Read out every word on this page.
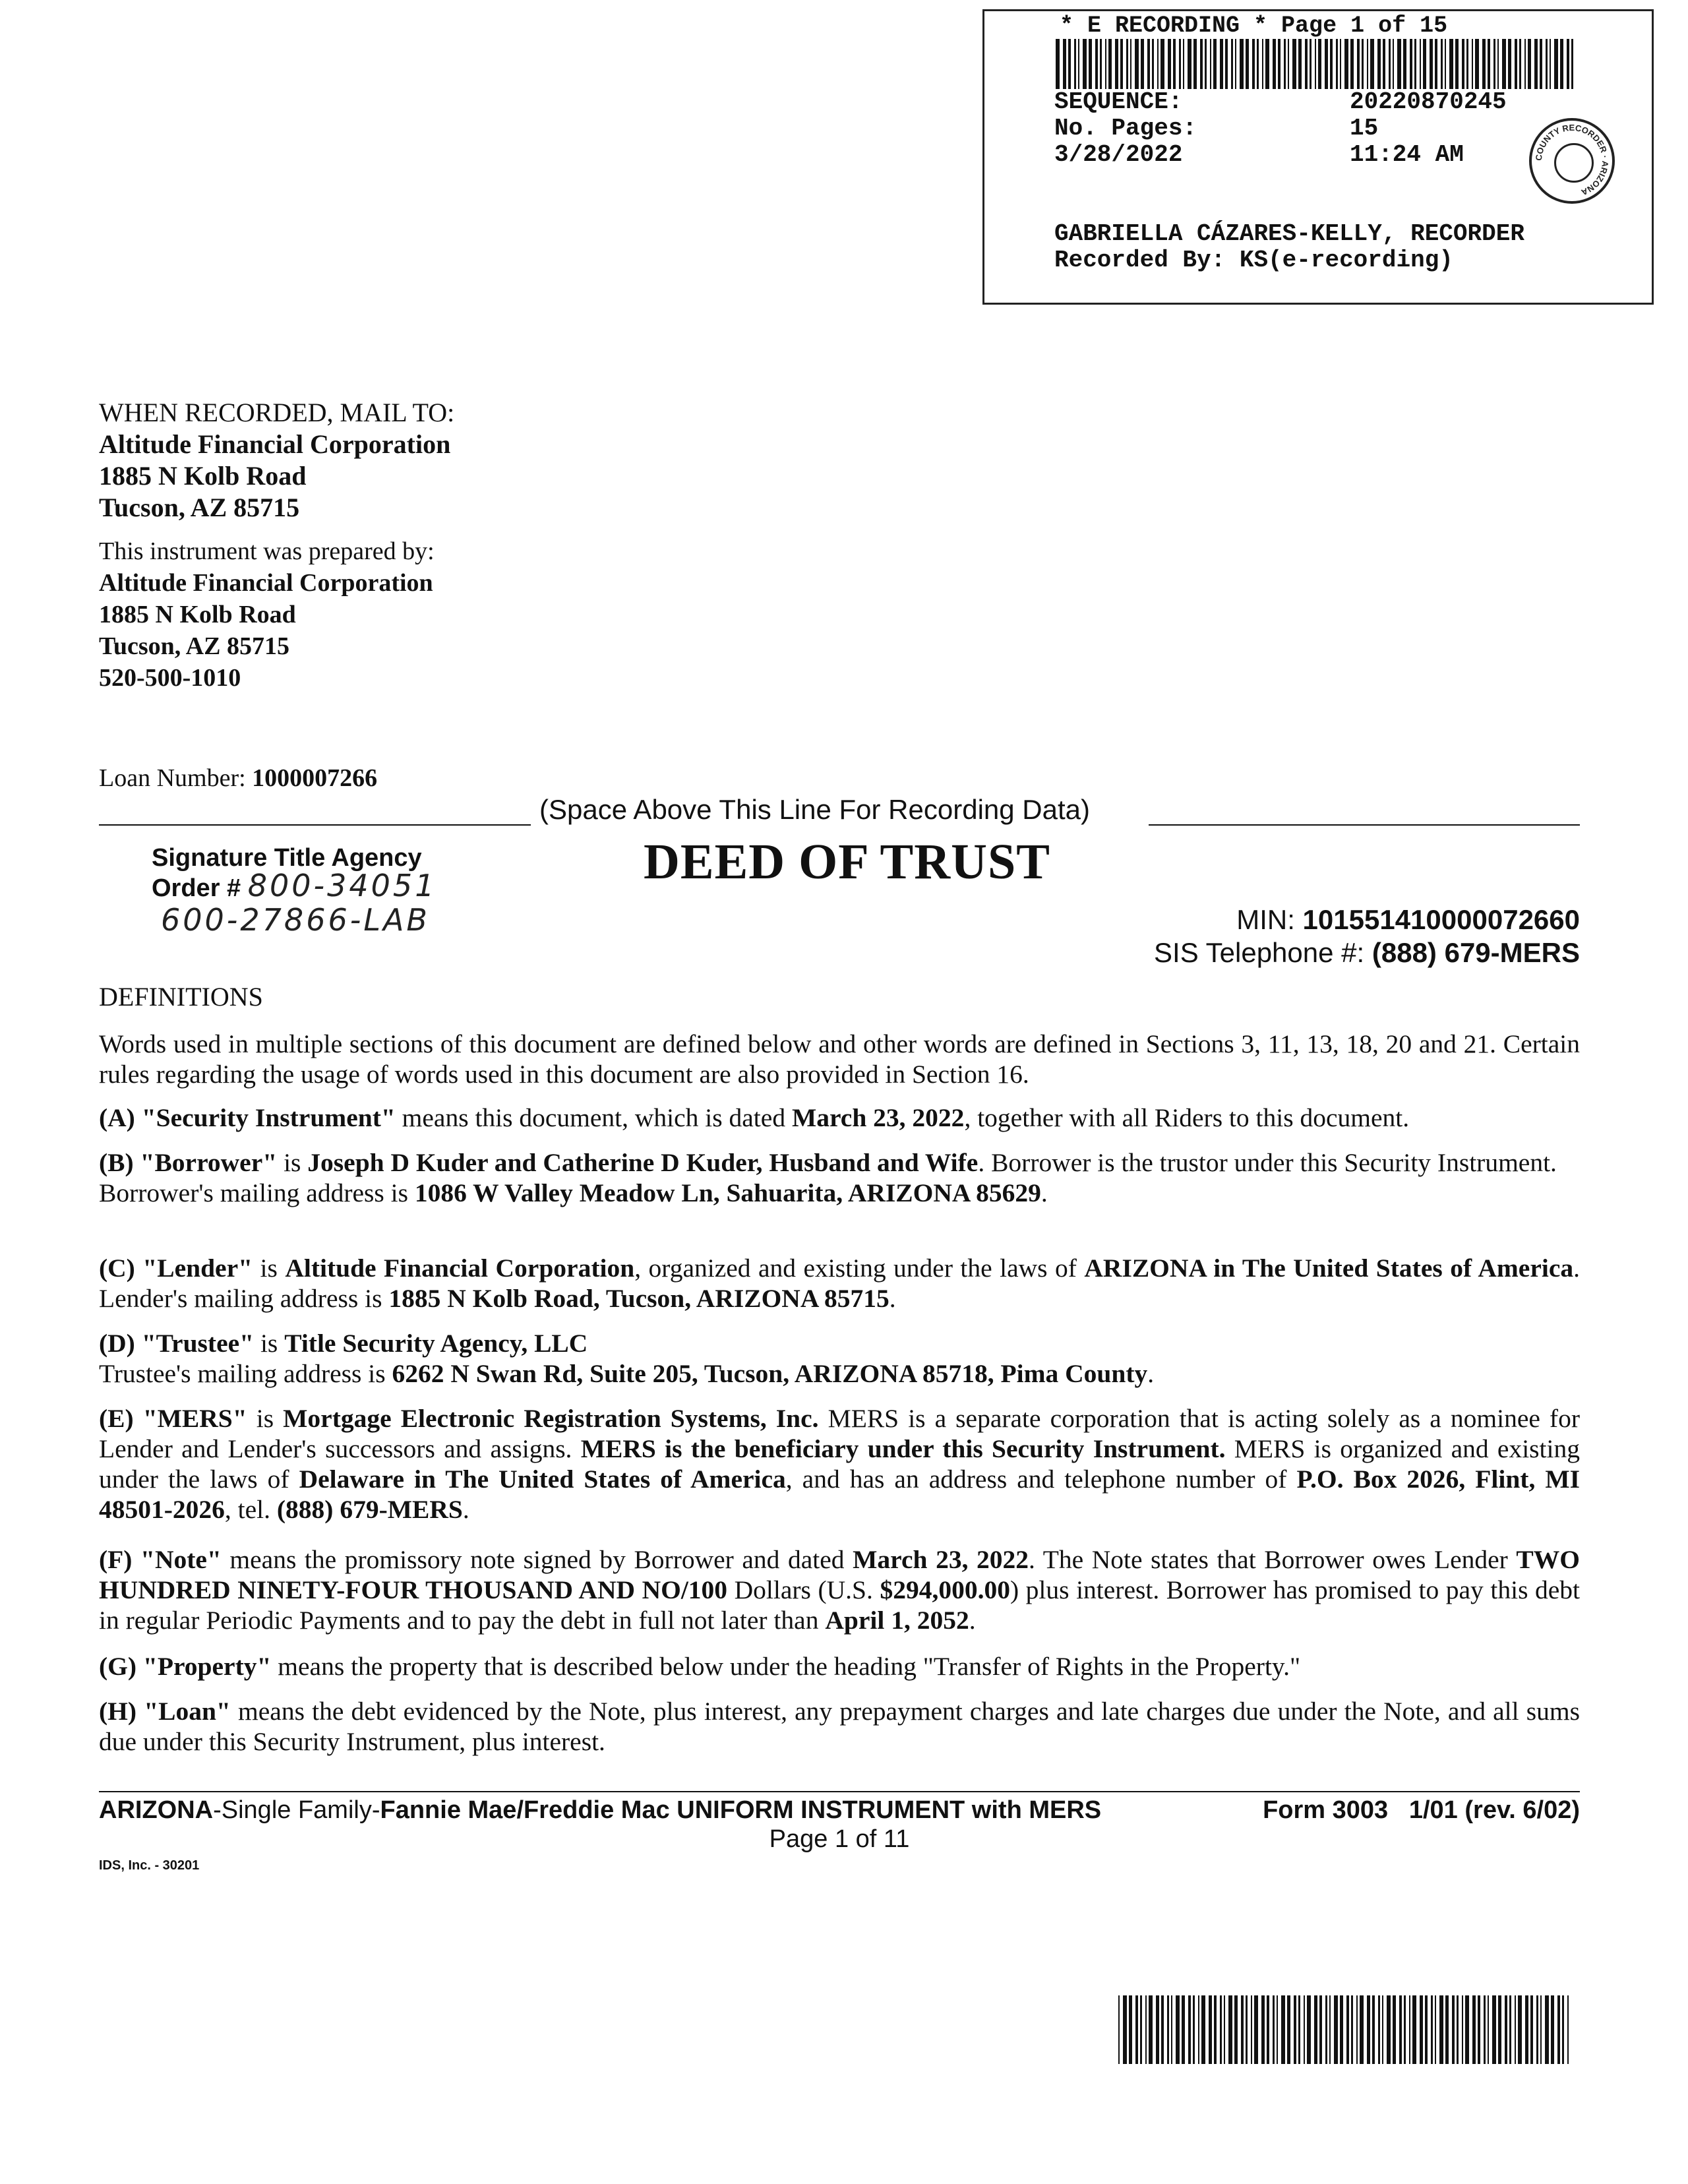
* E RECORDING * Page 1 of 15
SEQUENCE:	20220870245
No. Pages:	15
3/28/2022	11:24 AM	COUNTY RECORDER · ARIZONA
GABRIELLA CÁZARES-KELLY, RECORDER
Recorded By: KS(e-recording)
WHEN RECORDED, MAIL TO:
Altitude Financial Corporation
1885 N Kolb Road
Tucson, AZ 85715
This instrument was prepared by:
Altitude Financial Corporation
1885 N Kolb Road
Tucson, AZ 85715
520-500-1010
Loan Number: 1000007266
(Space Above This Line For Recording Data)
Signature Title Agency
Order # 800-34051
600-27866-LAB
DEED OF TRUST
MIN: 101551410000072660
SIS Telephone #: (888) 679-MERS
DEFINITIONS
Words used in multiple sections of this document are defined below and other words are defined in Sections 3, 11, 13, 18, 20 and 21. Certain rules regarding the usage of words used in this document are also provided in Section 16.
(A) "Security Instrument" means this document, which is dated March 23, 2022, together with all Riders to this document.
(B) "Borrower" is Joseph D Kuder and Catherine D Kuder, Husband and Wife. Borrower is the trustor under this Security Instrument.
Borrower's mailing address is 1086 W Valley Meadow Ln, Sahuarita, ARIZONA 85629.
(C) "Lender" is Altitude Financial Corporation, organized and existing under the laws of ARIZONA in The United States of America. Lender's mailing address is 1885 N Kolb Road, Tucson, ARIZONA 85715.
(D) "Trustee" is Title Security Agency, LLC
Trustee's mailing address is 6262 N Swan Rd, Suite 205, Tucson, ARIZONA 85718, Pima County.
(E) "MERS" is Mortgage Electronic Registration Systems, Inc. MERS is a separate corporation that is acting solely as a nominee for Lender and Lender's successors and assigns. MERS is the beneficiary under this Security Instrument. MERS is organized and existing under the laws of Delaware in The United States of America, and has an address and telephone number of P.O. Box 2026, Flint, MI 48501-2026, tel. (888) 679-MERS.
(F) "Note" means the promissory note signed by Borrower and dated March 23, 2022. The Note states that Borrower owes Lender TWO HUNDRED NINETY-FOUR THOUSAND AND NO/100 Dollars (U.S. $294,000.00) plus interest. Borrower has promised to pay this debt in regular Periodic Payments and to pay the debt in full not later than April 1, 2052.
(G) "Property" means the property that is described below under the heading "Transfer of Rights in the Property."
(H) "Loan" means the debt evidenced by the Note, plus interest, any prepayment charges and late charges due under the Note, and all sums due under this Security Instrument, plus interest.
ARIZONA-Single Family-Fannie Mae/Freddie Mac UNIFORM INSTRUMENT with MERS	Form 3003   1/01 (rev. 6/02)
Page 1 of 11
IDS, Inc. - 30201
